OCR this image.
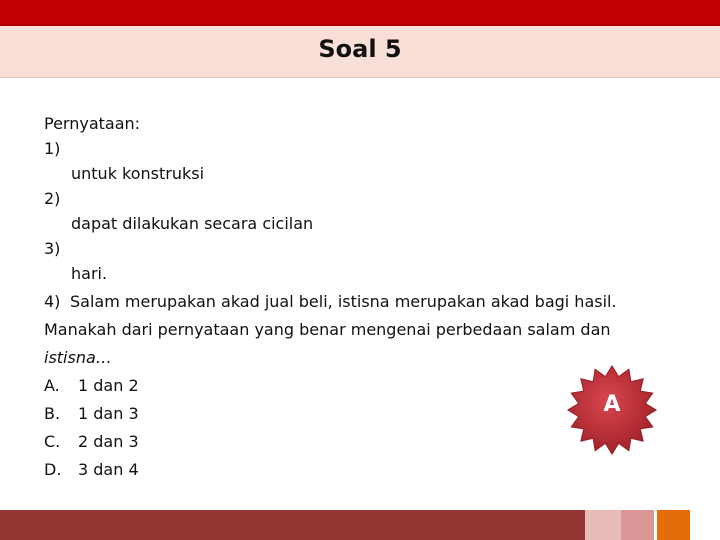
Soal 5
Pernyataan:
1)
untuk konstruksi
2)
dapat dilakukan secara cicilan
3)
hari.
4) Salam merupakan akad jual beli, istisna merupakan akad bagi hasil.
Manakah dari pernyataan yang benar mengenai perbedaan salam dan
istisna…
A. 1 dan 2
B. 1 dan 3
C. 2 dan 3
D. 3 dan 4
A
